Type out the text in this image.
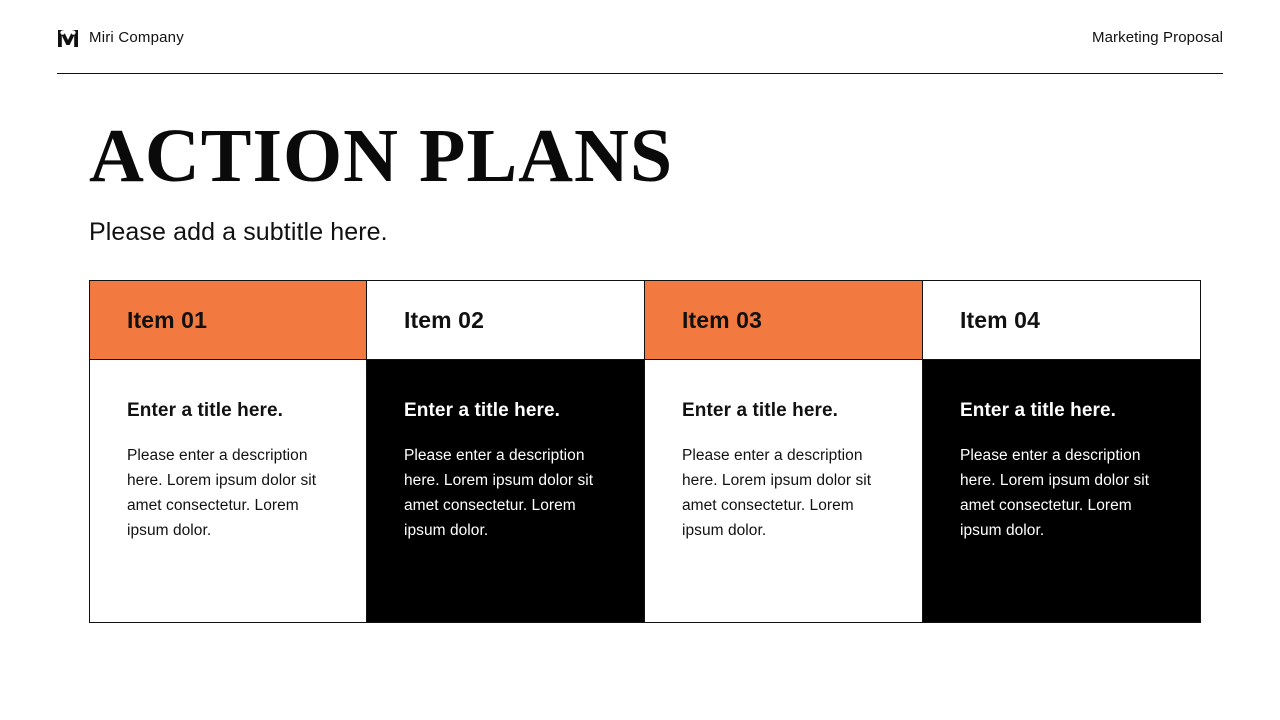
Miri Company	Marketing Proposal
ACTION PLANS
Please add a subtitle here.
Item 01
Enter a title here.

Please enter a description here. Lorem ipsum dolor sit amet consectetur. Lorem ipsum dolor.

Item 02
Enter a title here.

Please enter a description here. Lorem ipsum dolor sit amet consectetur. Lorem ipsum dolor.

Item 03
Enter a title here.

Please enter a description here. Lorem ipsum dolor sit amet consectetur. Lorem ipsum dolor.

Item 04
Enter a title here.

Please enter a description here. Lorem ipsum dolor sit amet consectetur. Lorem ipsum dolor.
